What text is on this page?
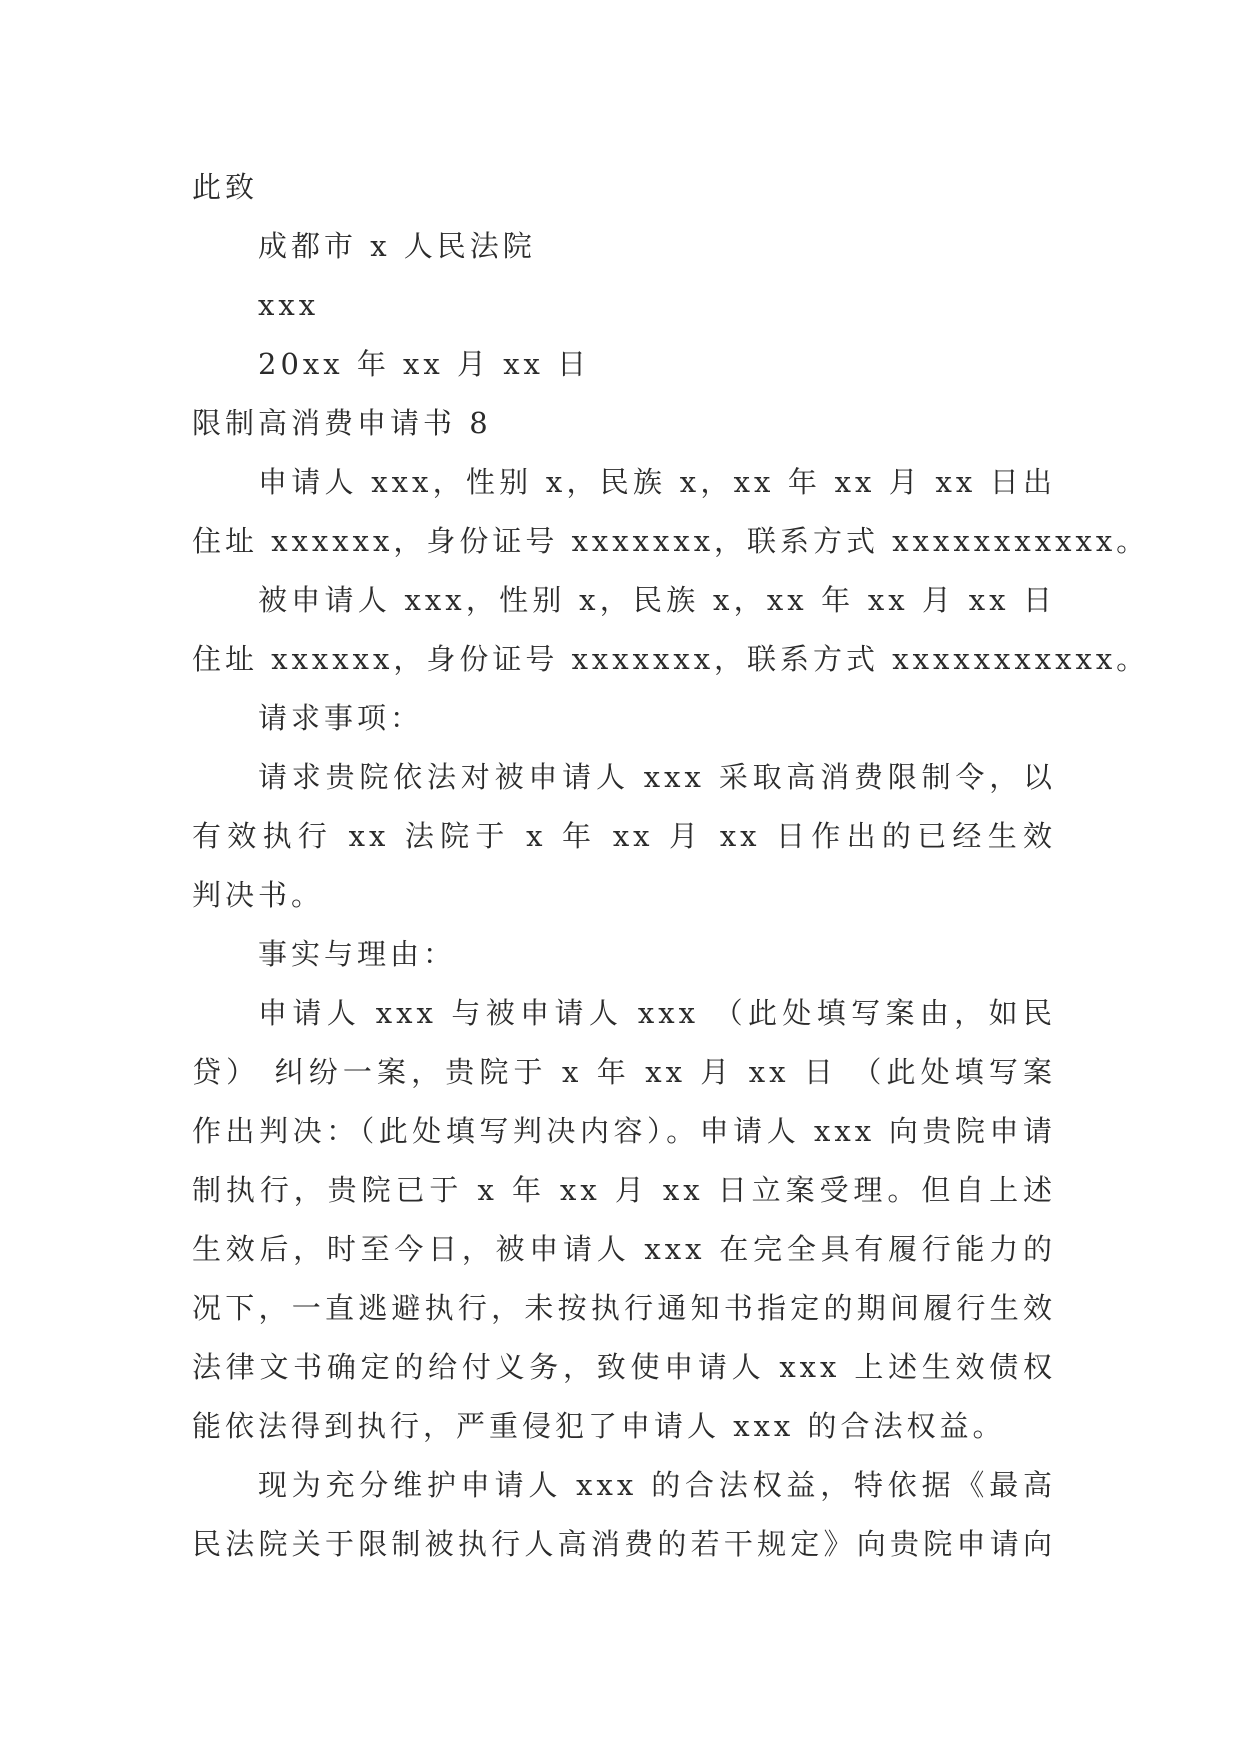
此致
成都市 x 人民法院
xxx
20xx 年 xx 月 xx 日
限制高消费申请书 8
申请人 xxx，性别 x，民族 x，xx 年 xx 月 xx 日出
住址 xxxxxx，身份证号 xxxxxxx，联系方式 xxxxxxxxxxx。
被申请人 xxx，性别 x，民族 x，xx 年 xx 月 xx 日
住址 xxxxxx，身份证号 xxxxxxx，联系方式 xxxxxxxxxxx。
请求事项：
请求贵院依法对被申请人 xxx 采取高消费限制令，以
有效执行 xx 法院于 x 年 xx 月 xx 日作出的已经生效
判决书。
事实与理由：
申请人 xxx 与被申请人 xxx （此处填写案由，如民
贷） 纠纷一案，贵院于 x 年 xx 月 xx 日 （此处填写案
作出判决：（此处填写判决内容）。申请人 xxx 向贵院申请
制执行，贵院已于 x 年 xx 月 xx 日立案受理。但自上述
生效后，时至今日，被申请人 xxx 在完全具有履行能力的
况下，一直逃避执行，未按执行通知书指定的期间履行生效
法律文书确定的给付义务，致使申请人 xxx 上述生效债权
能依法得到执行，严重侵犯了申请人 xxx 的合法权益。
现为充分维护申请人 xxx 的合法权益，特依据《最高
民法院关于限制被执行人高消费的若干规定》向贵院申请向
